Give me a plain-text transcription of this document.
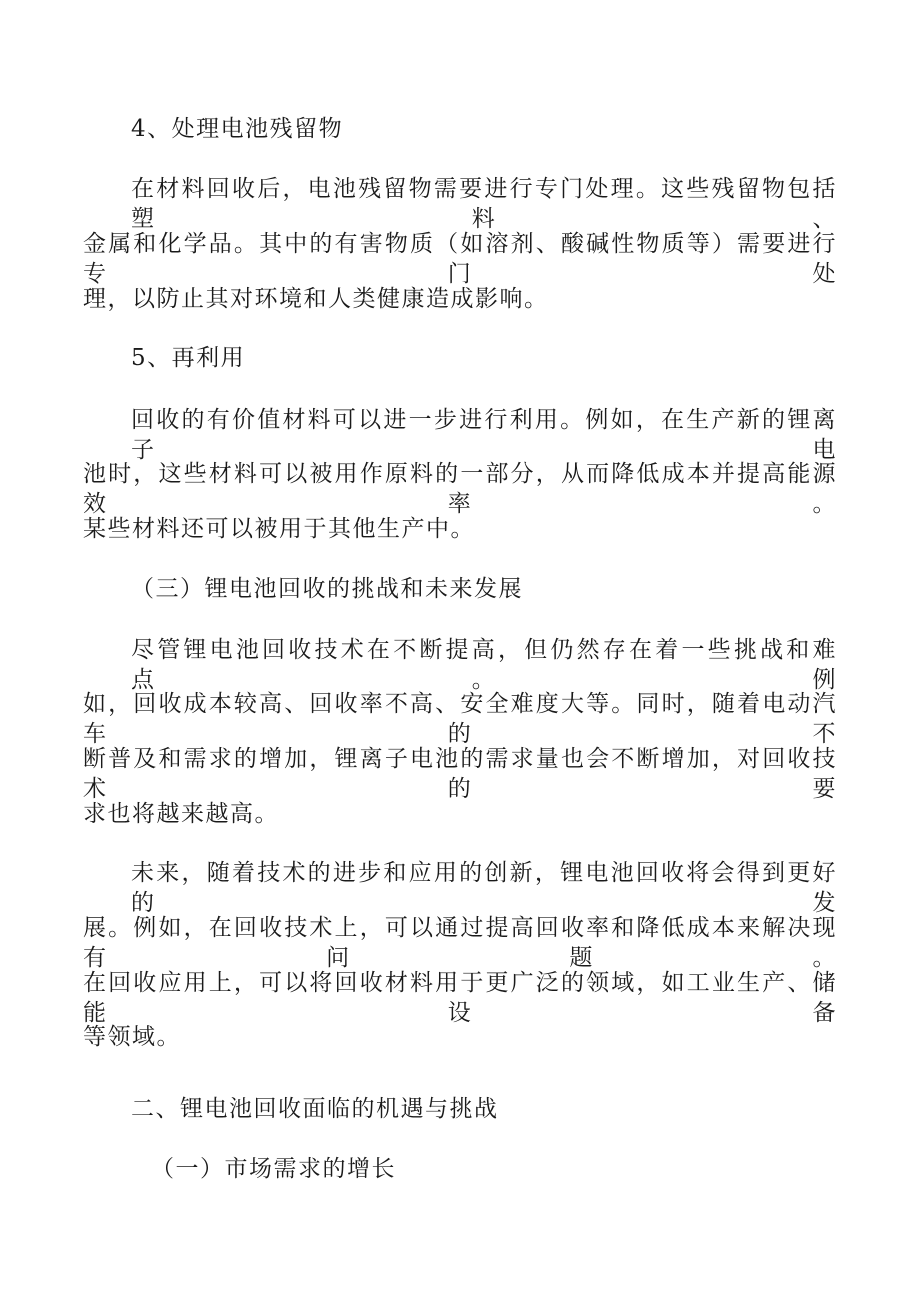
4、处理电池残留物
在材料回收后，电池残留物需要进行专门处理。这些残留物包括塑料、
金属和化学品。其中的有害物质（如溶剂、酸碱性物质等）需要进行专门处
理，以防止其对环境和人类健康造成影响。
5、再利用
回收的有价值材料可以进一步进行利用。例如，在生产新的锂离子电
池时，这些材料可以被用作原料的一部分，从而降低成本并提高能源效率。
某些材料还可以被用于其他生产中。
（三）锂电池回收的挑战和未来发展
尽管锂电池回收技术在不断提高，但仍然存在着一些挑战和难点。例
如，回收成本较高、回收率不高、安全难度大等。同时，随着电动汽车的不
断普及和需求的增加，锂离子电池的需求量也会不断增加，对回收技术的要
求也将越来越高。
未来，随着技术的进步和应用的创新，锂电池回收将会得到更好的发
展。例如，在回收技术上，可以通过提高回收率和降低成本来解决现有问题。
在回收应用上，可以将回收材料用于更广泛的领域，如工业生产、储能设备
等领域。
二、锂电池回收面临的机遇与挑战
（一）市场需求的增长
